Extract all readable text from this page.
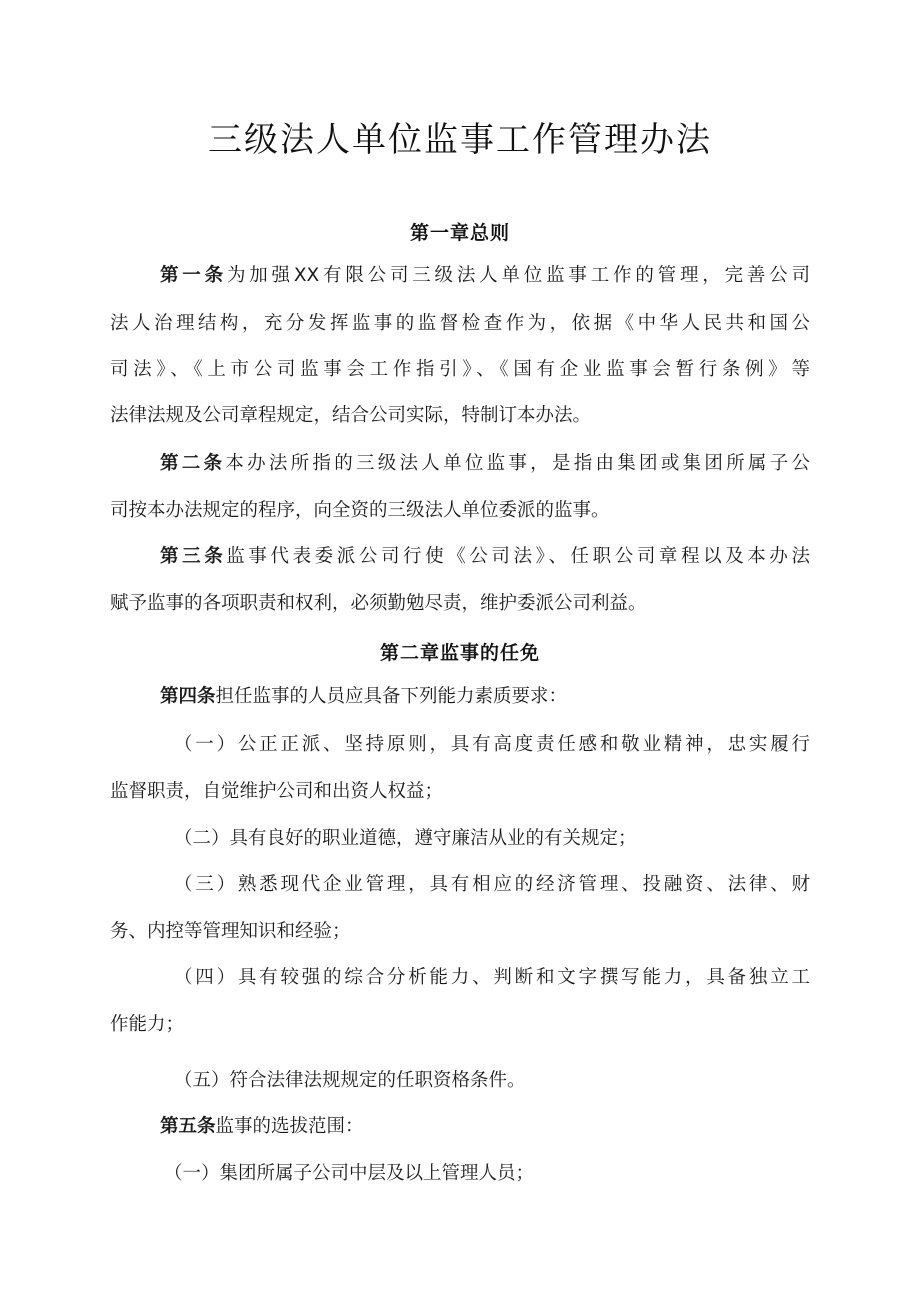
三级法人单位监事工作管理办法
第一章总则
第一条为加强XX有限公司三级法人单位监事工作的管理，完善公司
法人治理结构，充分发挥监事的监督检查作为，依据《中华人民共和国公
司法》、《上市公司监事会工作指引》、《国有企业监事会暂行条例》等
法律法规及公司章程规定，结合公司实际，特制订本办法。
第二条本办法所指的三级法人单位监事，是指由集团或集团所属子公
司按本办法规定的程序，向全资的三级法人单位委派的监事。
第三条监事代表委派公司行使《公司法》、任职公司章程以及本办法
赋予监事的各项职责和权利，必须勤勉尽责，维护委派公司利益。
第二章监事的任免
第四条担任监事的人员应具备下列能力素质要求：
（一）公正正派、坚持原则，具有高度责任感和敬业精神，忠实履行
监督职责，自觉维护公司和出资人权益；
（二）具有良好的职业道德，遵守廉洁从业的有关规定；
（三）熟悉现代企业管理，具有相应的经济管理、投融资、法律、财
务、内控等管理知识和经验；
（四）具有较强的综合分析能力、判断和文字撰写能力，具备独立工
作能力；
（五）符合法律法规规定的任职资格条件。
第五条监事的选拔范围：
（一）集团所属子公司中层及以上管理人员；
